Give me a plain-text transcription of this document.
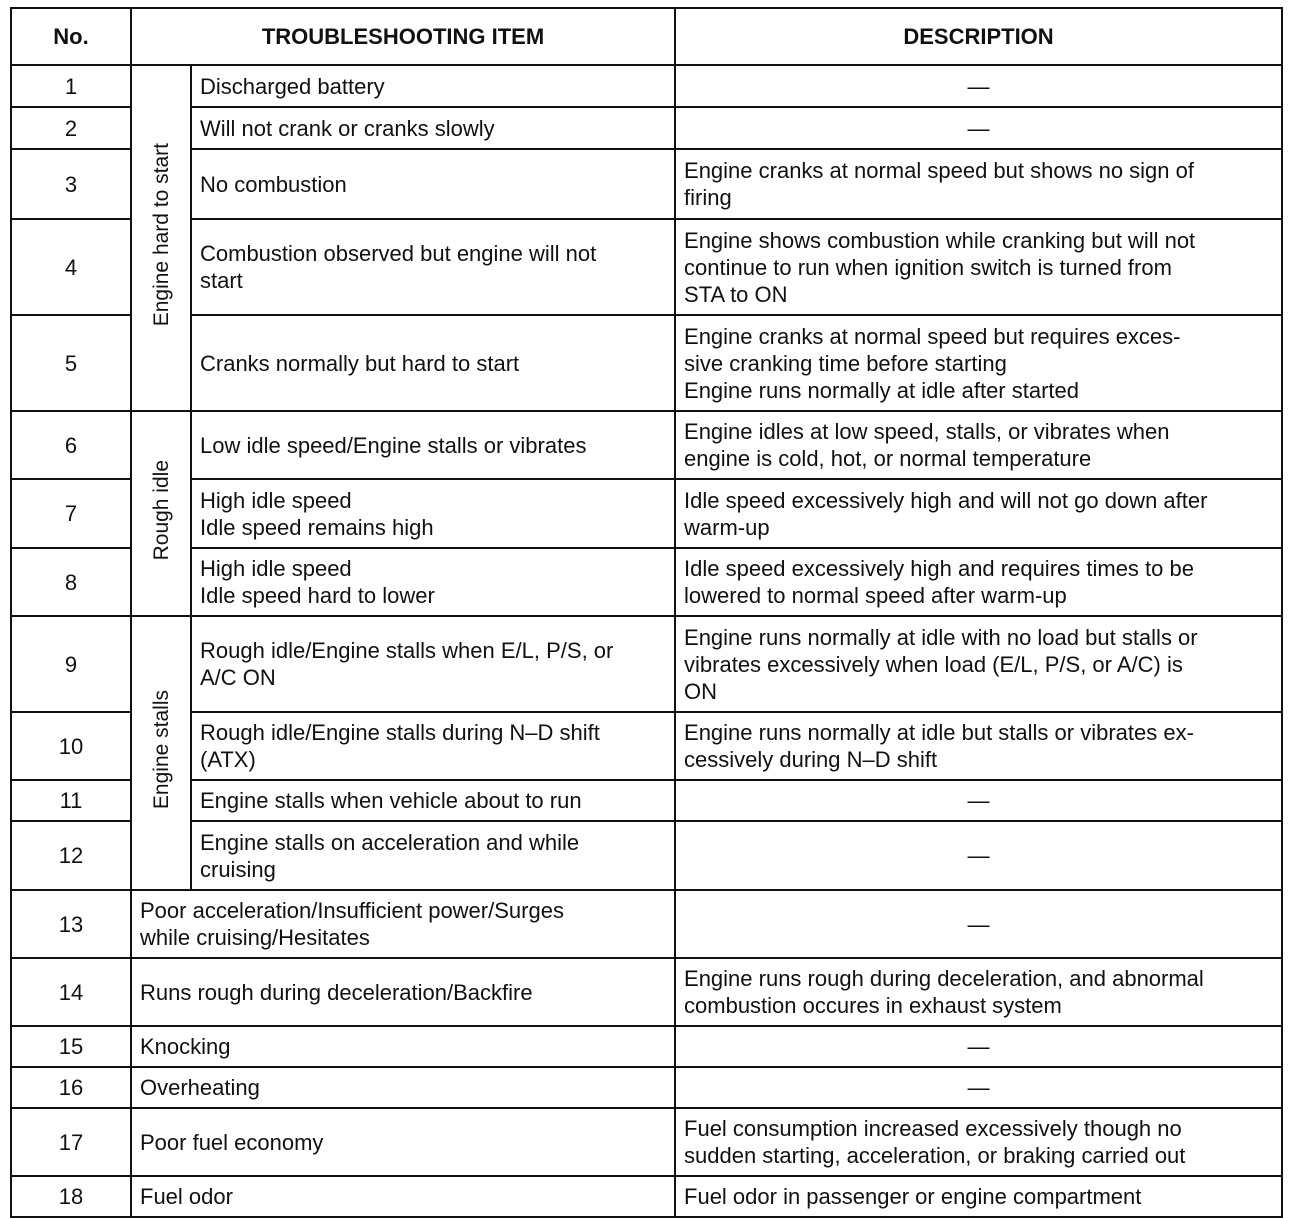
No.	TROUBLESHOOTING ITEM		DESCRIPTION
1	Engine hard to start	Discharged battery	—

2		Will not crank or cranks slowly	—

3		No combustion	Engine cranks at normal speed but shows no sign of
firing

4		Combustion observed but engine will not
start	Engine shows combustion while cranking but will not
continue to run when ignition switch is turned from
STA to ON

5		Cranks normally but hard to start	Engine cranks at normal speed but requires exces-
sive cranking time before starting
Engine runs normally at idle after started

6	Rough idle	Low idle speed/Engine stalls or vibrates	Engine idles at low speed, stalls, or vibrates when
engine is cold, hot, or normal temperature

7		High idle speed
Idle speed remains high	Idle speed excessively high and will not go down after
warm-up

8		High idle speed
Idle speed hard to lower	Idle speed excessively high and requires times to be
lowered to normal speed after warm-up

9	Engine stalls	Rough idle/Engine stalls when E/L, P/S, or
A/C ON	Engine runs normally at idle with no load but stalls or
vibrates excessively when load (E/L, P/S, or A/C) is
ON

10		Rough idle/Engine stalls during N–D shift
(ATX)	Engine runs normally at idle but stalls or vibrates ex-
cessively during N–D shift

11		Engine stalls when vehicle about to run	—

12		Engine stalls on acceleration and while
cruising	—

13	Poor acceleration/Insufficient power/Surges
while cruising/Hesitates		—

14	Runs rough during deceleration/Backfire		Engine runs rough during deceleration, and abnormal
combustion occures in exhaust system

15	Knocking		—

16	Overheating		—

17	Poor fuel economy		Fuel consumption increased excessively though no
sudden starting, acceleration, or braking carried out

18	Fuel odor		Fuel odor in passenger or engine compartment
